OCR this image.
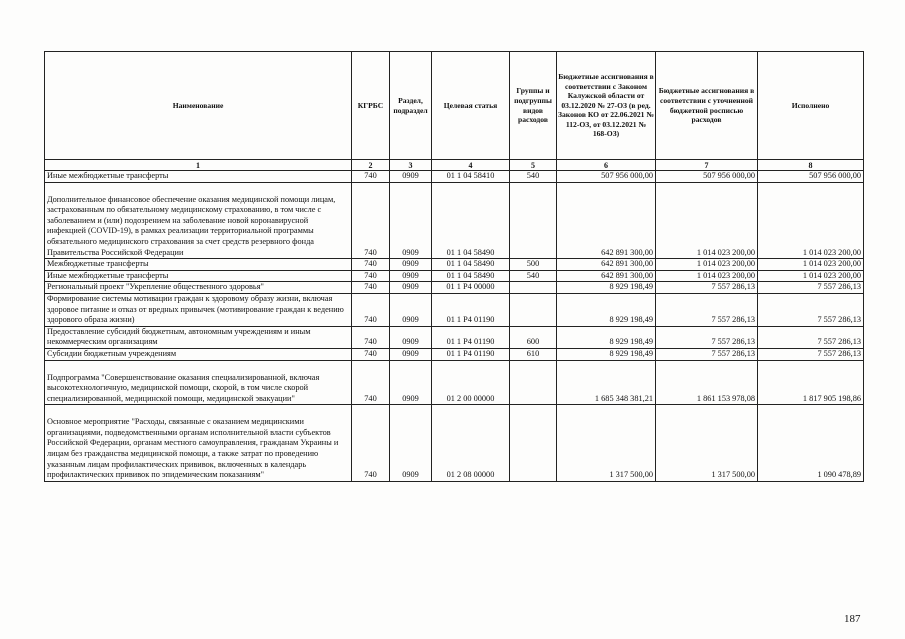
Наименование	КГРБС	Раздел, подраздел	Целевая статья	Группы и подгруппы видов расходов	Бюджетные ассигнования в соответствии с Законом Калужской области от 03.12.2020 № 27-ОЗ (в ред. Законов КО от 22.06.2021 № 112-ОЗ, от 03.12.2021 № 168-ОЗ)	Бюджетные ассигнования в соответствии с уточненной бюджетной росписью расходов	Исполнено
1	2	3	4	5	6	7	8
Иные межбюджетные трансферты	740	0909	01 1 04 58410	540	507 956 000,00	507 956 000,00	507 956 000,00
Дополнительное финансовое обеспечение оказания медицинской помощи лицам, застрахованным по обязательному медицинскому страхованию, в том числе с заболеванием и (или) подозрением на заболевание новой коронавирусной инфекцией (COVID-19), в рамках реализации территориальной программы обязательного медицинского страхования за счет средств резервного фонда Правительства Российской Федерации	740	0909	01 1 04 58490		642 891 300,00	1 014 023 200,00	1 014 023 200,00
Межбюджетные трансферты	740	0909	01 1 04 58490	500	642 891 300,00	1 014 023 200,00	1 014 023 200,00
Иные межбюджетные трансферты	740	0909	01 1 04 58490	540	642 891 300,00	1 014 023 200,00	1 014 023 200,00
Региональный проект "Укрепление общественного здоровья"	740	0909	01 1 P4 00000		8 929 198,49	7 557 286,13	7 557 286,13
Формирование системы мотивации граждан к здоровому образу жизни, включая здоровое питание и отказ от вредных привычек (мотивирование граждан к ведению здорового образа жизни)	740	0909	01 1 P4 01190		8 929 198,49	7 557 286,13	7 557 286,13
Предоставление субсидий бюджетным, автономным учреждениям и иным некоммерческим организациям	740	0909	01 1 P4 01190	600	8 929 198,49	7 557 286,13	7 557 286,13
Субсидии бюджетным учреждениям	740	0909	01 1 P4 01190	610	8 929 198,49	7 557 286,13	7 557 286,13
Подпрограмма "Совершенствование оказания специализированной, включая высокотехнологичную, медицинской помощи, скорой, в том числе скорой специализированной, медицинской помощи, медицинской эвакуации"	740	0909	01 2 00 00000		1 685 348 381,21	1 861 153 978,08	1 817 905 198,86
Основное мероприятие "Расходы, связанные с оказанием медицинскими организациями, подведомственными органам исполнительной власти субъектов Российской Федерации, органам местного самоуправления, гражданам Украины и лицам без гражданства медицинской помощи, а также затрат по проведению указанным лицам профилактических прививок, включенных в календарь профилактических прививок по эпидемическим показаниям"	740	0909	01 2 08 00000		1 317 500,00	1 317 500,00	1 090 478,89
187
